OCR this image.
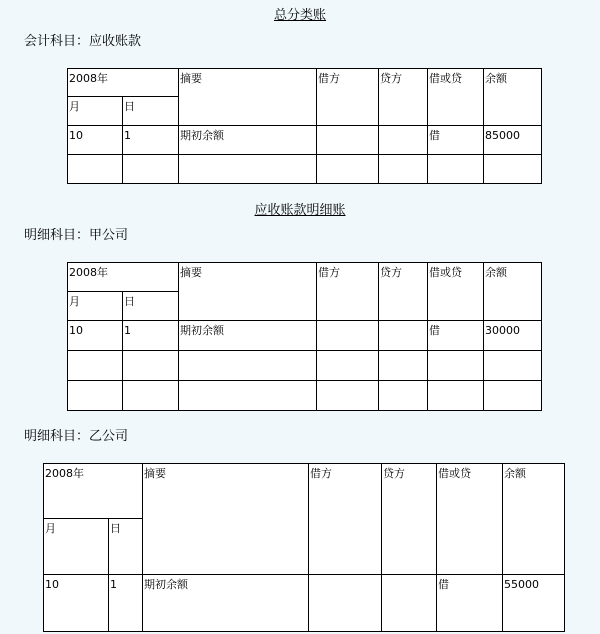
总分类账

会计科目：应收账款

2008年		摘要	借方	贷方	借或贷	余额
月	日					
10	1	期初余额			借	85000

应收账款明细账

明细科目：甲公司

2008年		摘要	借方	贷方	借或贷	余额
月	日					
10	1	期初余额			借	30000

明细科目：乙公司

2008年		摘要	借方	贷方	借或贷	余额
月	日					
10	1	期初余额			借	55000
